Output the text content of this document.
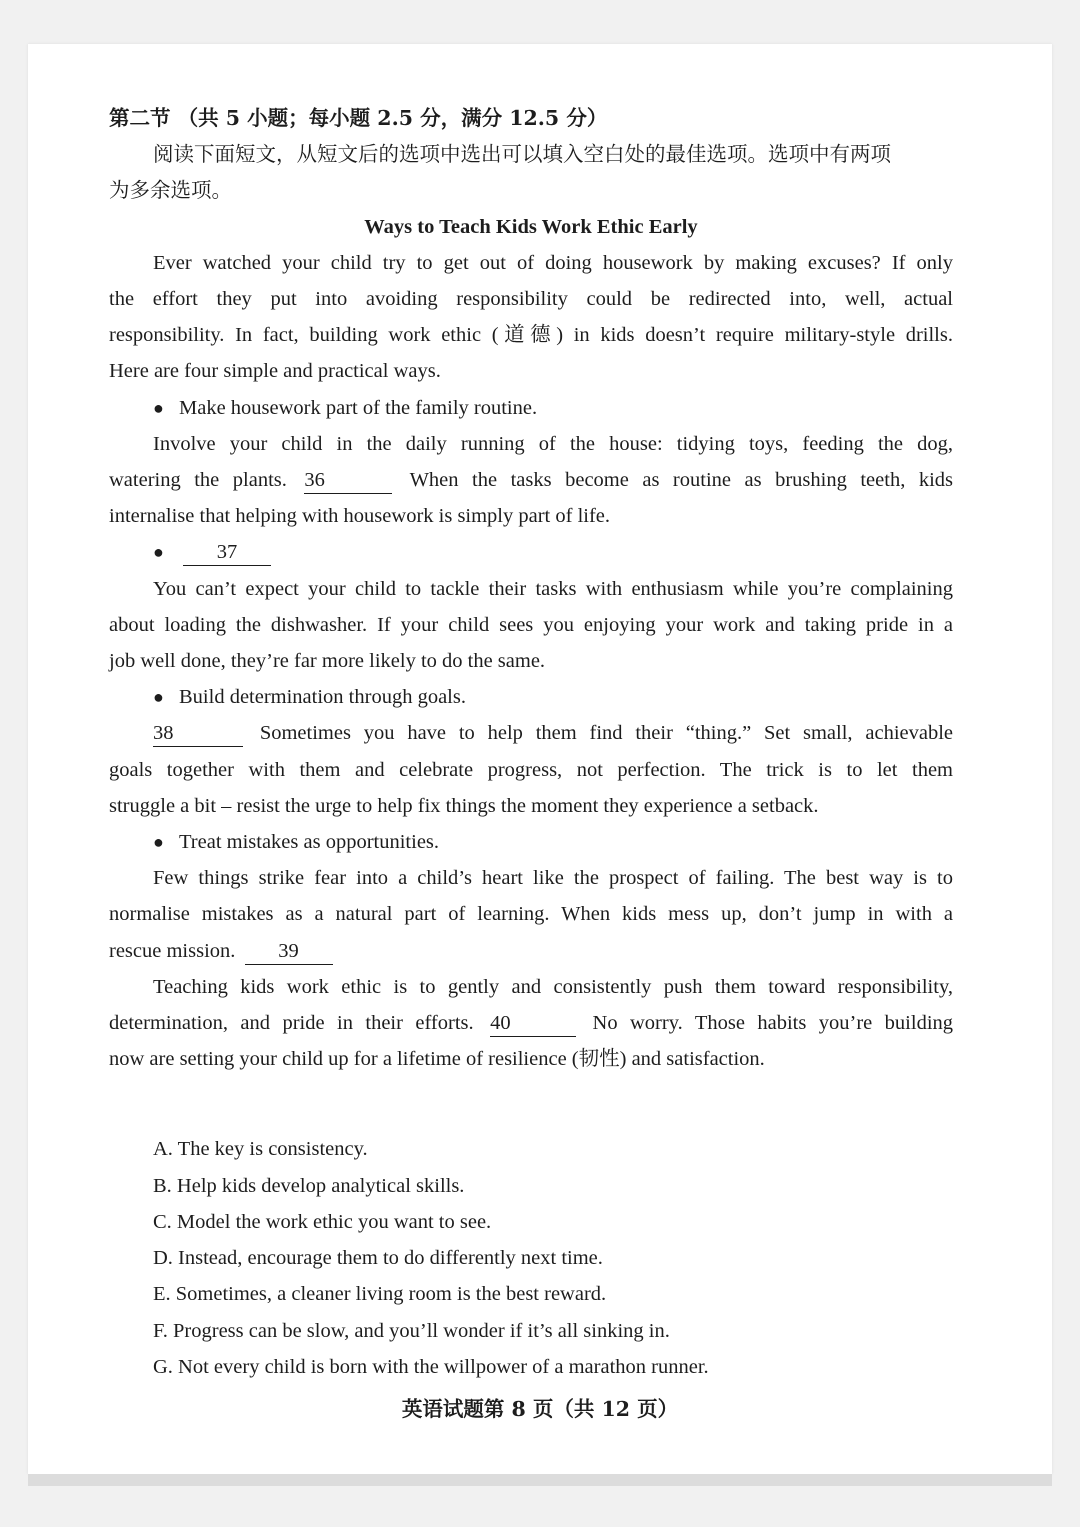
第二节 （共 5 小题；每小题 2.5 分，满分 12.5 分）

阅读下面短文，从短文后的选项中选出可以填入空白处的最佳选项。选项中有两项

为多余选项。

Ways to Teach Kids Work Ethic Early

Ever watched your child try to get out of doing housework by making excuses? If only

the effort they put into avoiding responsibility could be redirected into, well, actual

responsibility. In fact, building work ethic (道德) in kids doesn’t require military-style drills.

Here are four simple and practical ways.

● Make housework part of the family routine.

Involve your child in the daily running of the house: tidying toys, feeding the dog,

watering the plants. 36	When the tasks become as routine as brushing teeth, kids

internalise that helping with housework is simply part of life.

●	37

You can’t expect your child to tackle their tasks with enthusiasm while you’re complaining

about loading the dishwasher. If your child sees you enjoying your work and taking pride in a

job well done, they’re far more likely to do the same.

● Build determination through goals.

38	Sometimes you have to help them find their “thing.” Set small, achievable

goals together with them and celebrate progress, not perfection. The trick is to let them

struggle a bit – resist the urge to help fix things the moment they experience a setback.

● Treat mistakes as opportunities.

Few things strike fear into a child’s heart like the prospect of failing. The best way is to

normalise mistakes as a natural part of learning. When kids mess up, don’t jump in with a

rescue mission. 39

Teaching kids work ethic is to gently and consistently push them toward responsibility,

determination, and pride in their efforts. 40	No worry. Those habits you’re building

now are setting your child up for a lifetime of resilience (韧性) and satisfaction.

A. The key is consistency.

B. Help kids develop analytical skills.

C. Model the work ethic you want to see.

D. Instead, encourage them to do differently next time.

E. Sometimes, a cleaner living room is the best reward.

F. Progress can be slow, and you’ll wonder if it’s all sinking in.

G. Not every child is born with the willpower of a marathon runner.

英语试题第 8 页（共 12 页）
